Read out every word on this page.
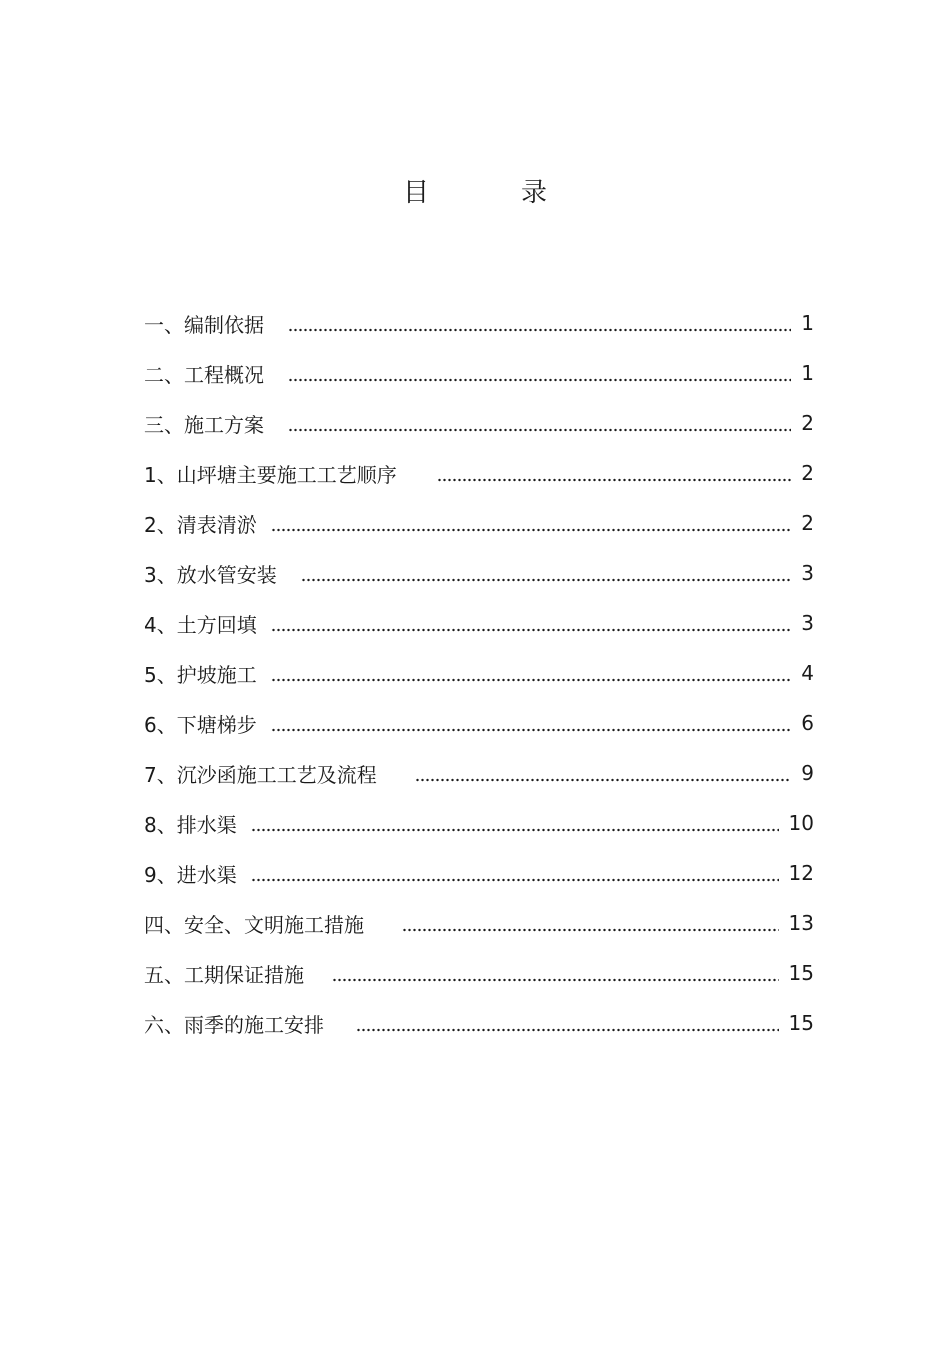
目	录
一、编制依据	1
二、工程概况	1
三、施工方案	2
1、山坪塘主要施工工艺顺序	2
2、清表清淤	2
3、放水管安装	3
4、土方回填	3
5、护坡施工	4
6、下塘梯步	6
7、沉沙函施工工艺及流程	9
8、排水渠	10
9、进水渠	12
四、安全、文明施工措施	13
五、工期保证措施	15
六、雨季的施工安排	15
